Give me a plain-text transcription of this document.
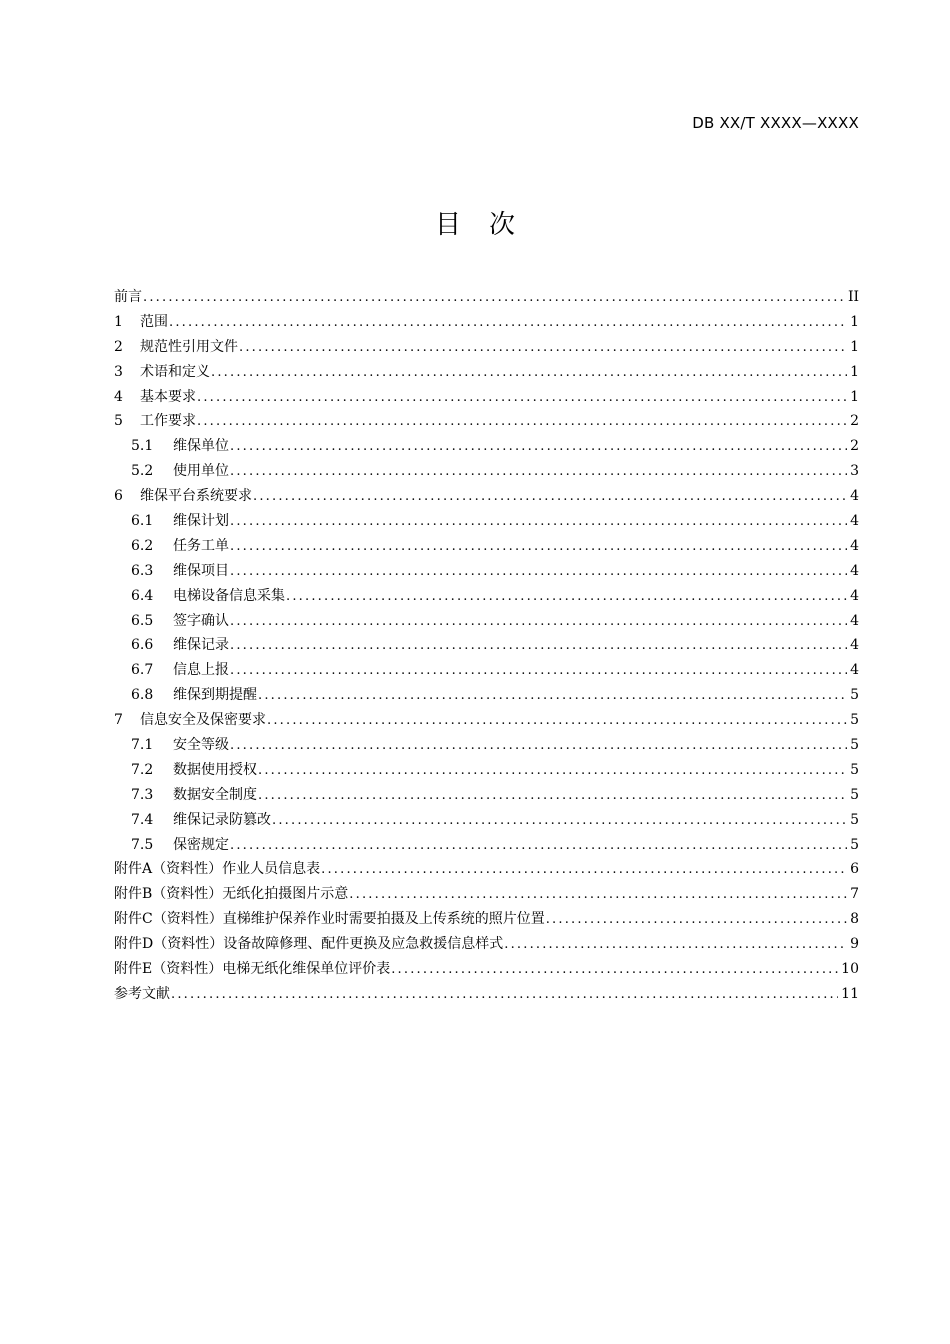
DB XX/T XXXX—XXXX
目 次
前言 .....	II
1	范围 .....	1
2	规范性引用文件 .....	1
3	术语和定义 .....	1
4	基本要求 .....	1
5	工作要求 .....	2
5.1	维保单位 .....	2
5.2	使用单位 .....	3
6	维保平台系统要求 .....	4
6.1	维保计划 .....	4
6.2	任务工单 .....	4
6.3	维保项目 .....	4
6.4	电梯设备信息采集 .....	4
6.5	签字确认 .....	4
6.6	维保记录 .....	4
6.7	信息上报 .....	4
6.8	维保到期提醒 .....	5
7	信息安全及保密要求 .....	5
7.1	安全等级 .....	5
7.2	数据使用授权 .....	5
7.3	数据安全制度 .....	5
7.4	维保记录防篡改 .....	5
7.5	保密规定 .....	5
附件A（资料性）作业人员信息表 .....	6
附件B（资料性）无纸化拍摄图片示意 .....	7
附件C（资料性）直梯维护保养作业时需要拍摄及上传系统的照片位置 .....	8
附件D（资料性）设备故障修理、配件更换及应急救援信息样式 .....	9
附件E（资料性）电梯无纸化维保单位评价表 .....	10
参考文献 .....	11
